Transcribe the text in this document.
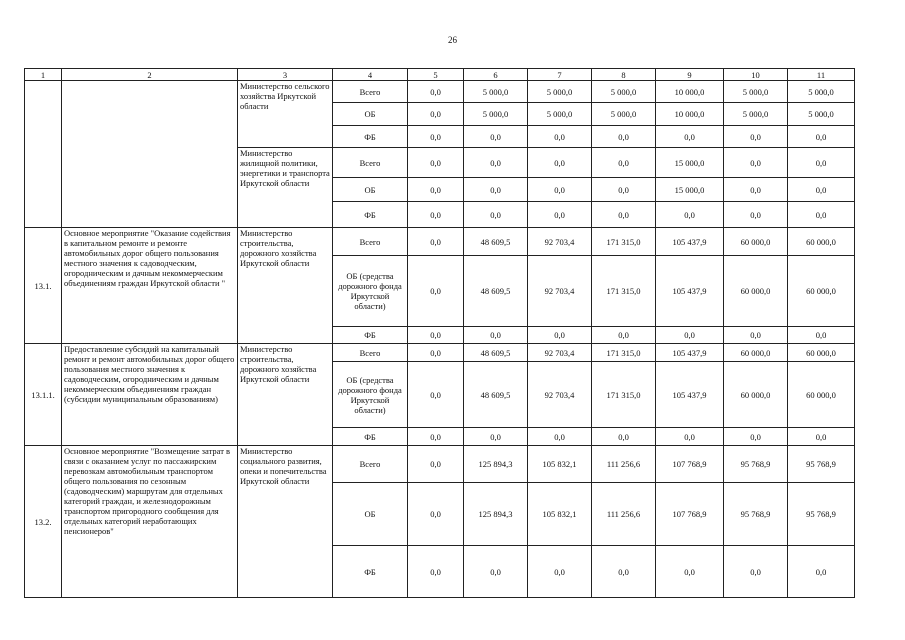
26
1	2	3	4	5	6	7	8	9	10	11
		Министерство сельского хозяйства Иркутской области	Всего	0,0	5 000,0	5 000,0	5 000,0	10 000,0	5 000,0	5 000,0
			ОБ	0,0	5 000,0	5 000,0	5 000,0	10 000,0	5 000,0	5 000,0
			ФБ	0,0	0,0	0,0	0,0	0,0	0,0	0,0
		Министерство жилищной политики, энергетики и транспорта Иркутской области	Всего	0,0	0,0	0,0	0,0	15 000,0	0,0	0,0
			ОБ	0,0	0,0	0,0	0,0	15 000,0	0,0	0,0
			ФБ	0,0	0,0	0,0	0,0	0,0	0,0	0,0
13.1.	Основное мероприятие "Оказание содействия в капитальном ремонте и ремонте автомобильных дорог общего пользования местного значения к садоводческим, огородническим и дачным некоммерческим объединениям граждан Иркутской области "	Министерство строительства, дорожного хозяйства Иркутской области	Всего	0,0	48 609,5	92 703,4	171 315,0	105 437,9	60 000,0	60 000,0
			ОБ (средства дорожного фонда Иркутской области)	0,0	48 609,5	92 703,4	171 315,0	105 437,9	60 000,0	60 000,0
			ФБ	0,0	0,0	0,0	0,0	0,0	0,0	0,0
13.1.1.	Предоставление субсидий на капитальный ремонт и ремонт автомобильных дорог общего пользования местного значения к садоводческим, огородническим и дачным некоммерческим объединениям граждан (субсидии муниципальным образованиям)	Министерство строительства, дорожного хозяйства Иркутской области	Всего	0,0	48 609,5	92 703,4	171 315,0	105 437,9	60 000,0	60 000,0
			ОБ (средства дорожного фонда Иркутской области)	0,0	48 609,5	92 703,4	171 315,0	105 437,9	60 000,0	60 000,0
			ФБ	0,0	0,0	0,0	0,0	0,0	0,0	0,0
13.2.	Основное мероприятие "Возмещение затрат в связи с оказанием услуг по пассажирским перевозкам автомобильным транспортом общего пользования по сезонным (садоводческим) маршрутам для отдельных категорий граждан, и железнодорожным транспортом пригородного сообщения для отдельных категорий неработающих пенсионеров"	Министерство социального развития, опеки и попечительства Иркутской области	Всего	0,0	125 894,3	105 832,1	111 256,6	107 768,9	95 768,9	95 768,9
			ОБ	0,0	125 894,3	105 832,1	111 256,6	107 768,9	95 768,9	95 768,9
			ФБ	0,0	0,0	0,0	0,0	0,0	0,0	0,0
